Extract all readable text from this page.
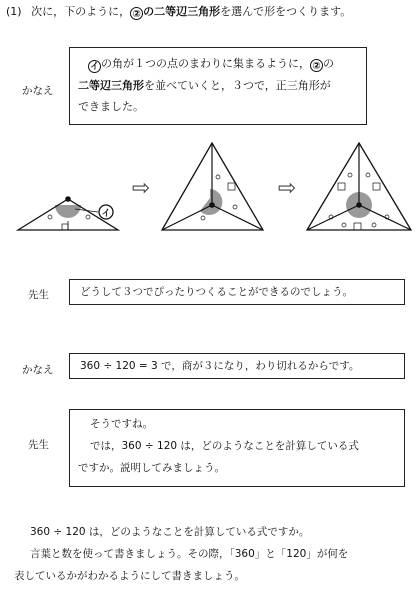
(1) 次に，下のように， ② の二等辺三角形を選んで形をつくります。
かなえ
イ の角が１つの点のまわりに集まるように， ② の
二等辺三角形を並べていくと，３つで，正三角形が
できました。
イ
⇨	⇨
先生	どうして３つでぴったりつくることができるのでしょう。
かなえ	360 ÷ 120 = 3 で，商が３になり，わり切れるからです。
先生
そうですね。
では，360 ÷ 120 は，どのようなことを計算している式
ですか。説明してみましょう。
360 ÷ 120 は，どのようなことを計算している式ですか。
言葉と数を使って書きましょう。その際，「360」と「120」が何を
表しているかがわかるようにして書きましょう。
